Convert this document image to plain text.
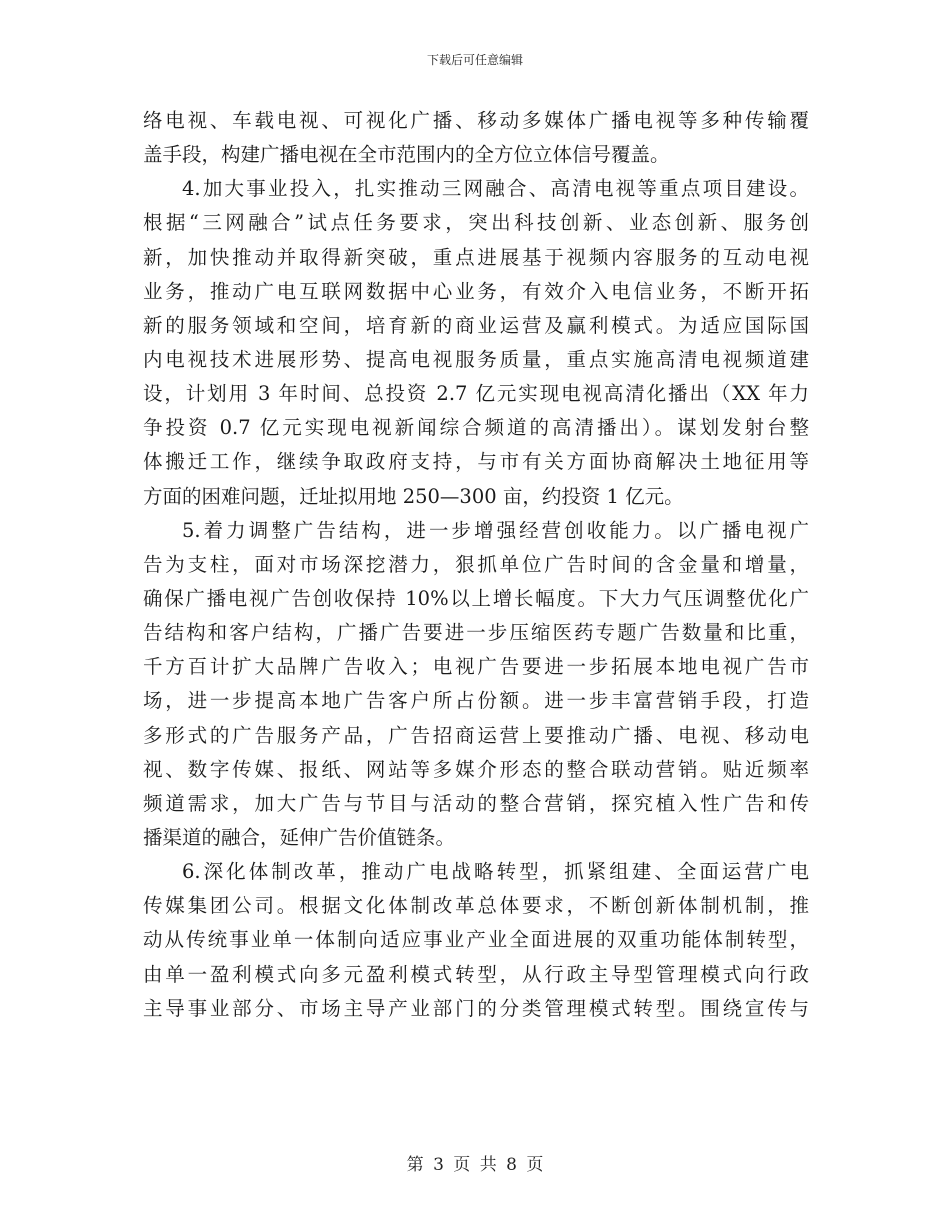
下载后可任意编辑
络电视、车载电视、可视化广播、移动多媒体广播电视等多种传输覆
盖手段，构建广播电视在全市范围内的全方位立体信号覆盖。
4.加大事业投入，扎实推动三网融合、高清电视等重点项目建设。
根据“三网融合”试点任务要求，突出科技创新、业态创新、服务创
新，加快推动并取得新突破，重点进展基于视频内容服务的互动电视
业务，推动广电互联网数据中心业务，有效介入电信业务，不断开拓
新的服务领域和空间，培育新的商业运营及赢利模式。为适应国际国
内电视技术进展形势、提高电视服务质量，重点实施高清电视频道建
设，计划用 3 年时间、总投资 2.7 亿元实现电视高清化播出（XX 年力
争投资 0.7 亿元实现电视新闻综合频道的高清播出）。谋划发射台整
体搬迁工作，继续争取政府支持，与市有关方面协商解决土地征用等
方面的困难问题，迁址拟用地 250—300 亩，约投资 1 亿元。
5.着力调整广告结构，进一步增强经营创收能力。以广播电视广
告为支柱，面对市场深挖潜力，狠抓单位广告时间的含金量和增量，
确保广播电视广告创收保持 10%以上增长幅度。下大力气压调整优化广
告结构和客户结构，广播广告要进一步压缩医药专题广告数量和比重，
千方百计扩大品牌广告收入；电视广告要进一步拓展本地电视广告市
场，进一步提高本地广告客户所占份额。进一步丰富营销手段，打造
多形式的广告服务产品，广告招商运营上要推动广播、电视、移动电
视、数字传媒、报纸、网站等多媒介形态的整合联动营销。贴近频率
频道需求，加大广告与节目与活动的整合营销，探究植入性广告和传
播渠道的融合，延伸广告价值链条。
6.深化体制改革，推动广电战略转型，抓紧组建、全面运营广电
传媒集团公司。根据文化体制改革总体要求，不断创新体制机制，推
动从传统事业单一体制向适应事业产业全面进展的双重功能体制转型，
由单一盈利模式向多元盈利模式转型，从行政主导型管理模式向行政
主导事业部分、市场主导产业部门的分类管理模式转型。围绕宣传与
第 3 页 共 8 页
